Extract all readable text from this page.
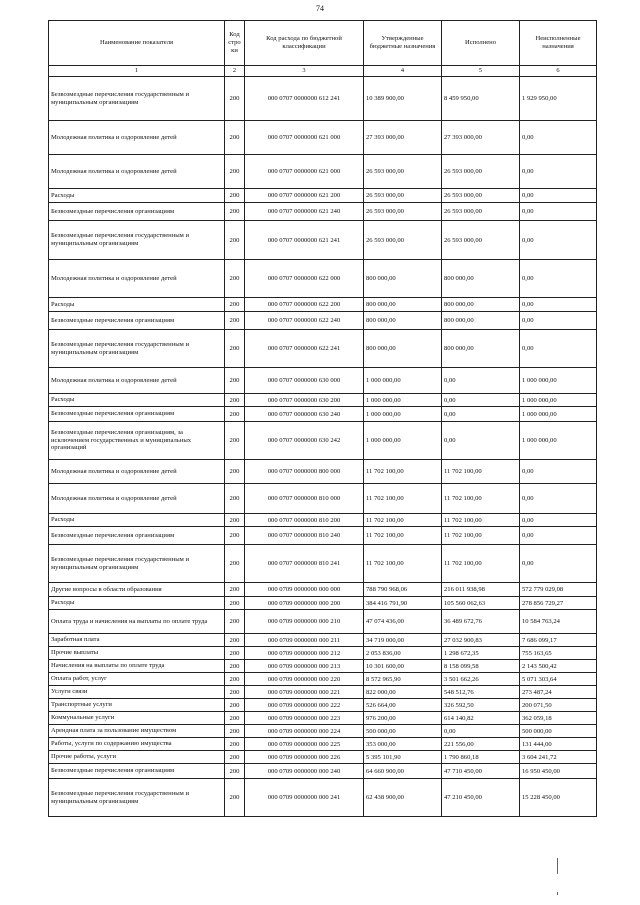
74
Наименование показателя	Код стро ки	Код расхода по бюджетной классификации	Утвержденные бюджетные назначения	Исполнено	Неисполненные назначения
1	2	3	4	5	6
Безвозмездные перечисления государственным и муниципальным организациям	200	000 0707 0000000 612 241	10 389 900,00	8 459 950,00	1 929 950,00
Молодежная политика и оздоровление детей	200	000 0707 0000000 621 000	27 393 000,00	27 393 000,00	0,00
Молодежная политика и оздоровление детей	200	000 0707 0000000 621 000	26 593 000,00	26 593 000,00	0,00
Расходы	200	000 0707 0000000 621 200	26 593 000,00	26 593 000,00	0,00
Безвозмездные перечисления организациям	200	000 0707 0000000 621 240	26 593 000,00	26 593 000,00	0,00
Безвозмездные перечисления государственным и муниципальным организациям	200	000 0707 0000000 621 241	26 593 000,00	26 593 000,00	0,00
Молодежная политика и оздоровление детей	200	000 0707 0000000 622 000	800 000,00	800 000,00	0,00
Расходы	200	000 0707 0000000 622 200	800 000,00	800 000,00	0,00
Безвозмездные перечисления организациям	200	000 0707 0000000 622 240	800 000,00	800 000,00	0,00
Безвозмездные перечисления государственным и муниципальным организациям	200	000 0707 0000000 622 241	800 000,00	800 000,00	0,00
Молодежная политика и оздоровление детей	200	000 0707 0000000 630 000	1 000 000,00	0,00	1 000 000,00
Расходы	200	000 0707 0000000 630 200	1 000 000,00	0,00	1 000 000,00
Безвозмездные перечисления организациям	200	000 0707 0000000 630 240	1 000 000,00	0,00	1 000 000,00
Безвозмездные перечисления организациям, за исключением государственных и муниципальных организаций	200	000 0707 0000000 630 242	1 000 000,00	0,00	1 000 000,00
Молодежная политика и оздоровление детей	200	000 0707 0000000 800 000	11 702 100,00	11 702 100,00	0,00
Молодежная политика и оздоровление детей	200	000 0707 0000000 810 000	11 702 100,00	11 702 100,00	0,00
Расходы	200	000 0707 0000000 810 200	11 702 100,00	11 702 100,00	0,00
Безвозмездные перечисления организациям	200	000 0707 0000000 810 240	11 702 100,00	11 702 100,00	0,00
Безвозмездные перечисления государственным и муниципальным организациям	200	000 0707 0000000 810 241	11 702 100,00	11 702 100,00	0,00
Другие вопросы в области образования	200	000 0709 0000000 000 000	788 790 968,06	216 011 938,98	572 779 029,08
Расходы	200	000 0709 0000000 000 200	384 416 791,90	105 560 062,63	278 856 729,27
Оплата труда и начисления на выплаты по оплате труда	200	000 0709 0000000 000 210	47 074 436,00	36 489 672,76	10 584 763,24
Заработная плата	200	000 0709 0000000 000 211	34 719 000,00	27 032 900,83	7 686 099,17
Прочие выплаты	200	000 0709 0000000 000 212	2 053 836,00	1 298 672,35	755 163,65
Начисления на выплаты по оплате труда	200	000 0709 0000000 000 213	10 301 600,00	8 158 099,58	2 143 500,42
Оплата работ, услуг	200	000 0709 0000000 000 220	8 572 965,90	3 501 662,26	5 071 303,64
Услуги связи	200	000 0709 0000000 000 221	822 000,00	548 512,76	273 487,24
Транспортные услуги	200	000 0709 0000000 000 222	526 664,00	326 592,50	200 071,50
Коммунальные услуги	200	000 0709 0000000 000 223	976 200,00	614 140,82	362 059,18
Арендная плата за пользование имуществом	200	000 0709 0000000 000 224	500 000,00	0,00	500 000,00
Работы, услуги по содержанию имущества	200	000 0709 0000000 000 225	353 000,00	221 556,00	131 444,00
Прочие работы, услуги	200	000 0709 0000000 000 226	5 395 101,90	1 790 860,18	3 604 241,72
Безвозмездные перечисления организациям	200	000 0709 0000000 000 240	64 660 900,00	47 710 450,00	16 950 450,00
Безвозмездные перечисления государственным и муниципальным организациям	200	000 0709 0000000 000 241	62 438 900,00	47 210 450,00	15 228 450,00
